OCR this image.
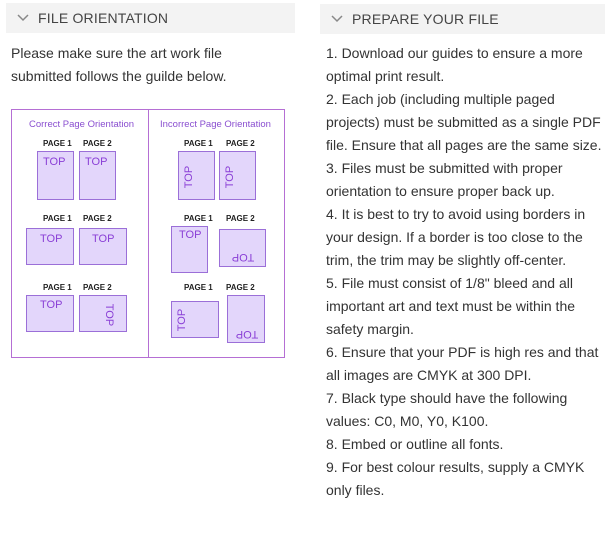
FILE ORIENTATION
Please make sure the art work file submitted follows the guilde below.
Correct Page Orientation	Incorrect Page Orientation
PAGE 1 PAGE 2
TOP TOP
PAGE 1 PAGE 2
TOP	TOP
PAGE 1 PAGE 2
TOP	TOP
PAGE 1 PAGE 2
TOP	TOP
PAGE 1 PAGE 2
TOP
TOP
PAGE 1 PAGE 2
TOP
TOP
PREPARE YOUR FILE
1. Download our guides to ensure a more optimal print result.
2. Each job (including multiple paged projects) must be submitted as a single PDF file. Ensure that all pages are the same size.
3. Files must be submitted with proper orientation to ensure proper back up.
4. It is best to try to avoid using borders in your design. If a border is too close to the trim, the trim may be slightly off-center.
5. File must consist of 1/8" bleed and all important art and text must be within the safety margin.
6. Ensure that your PDF is high res and that all images are CMYK at 300 DPI.
7. Black type should have the following values: C0, M0, Y0, K100.
8. Embed or outline all fonts.
9. For best colour results, supply a CMYK only files.
